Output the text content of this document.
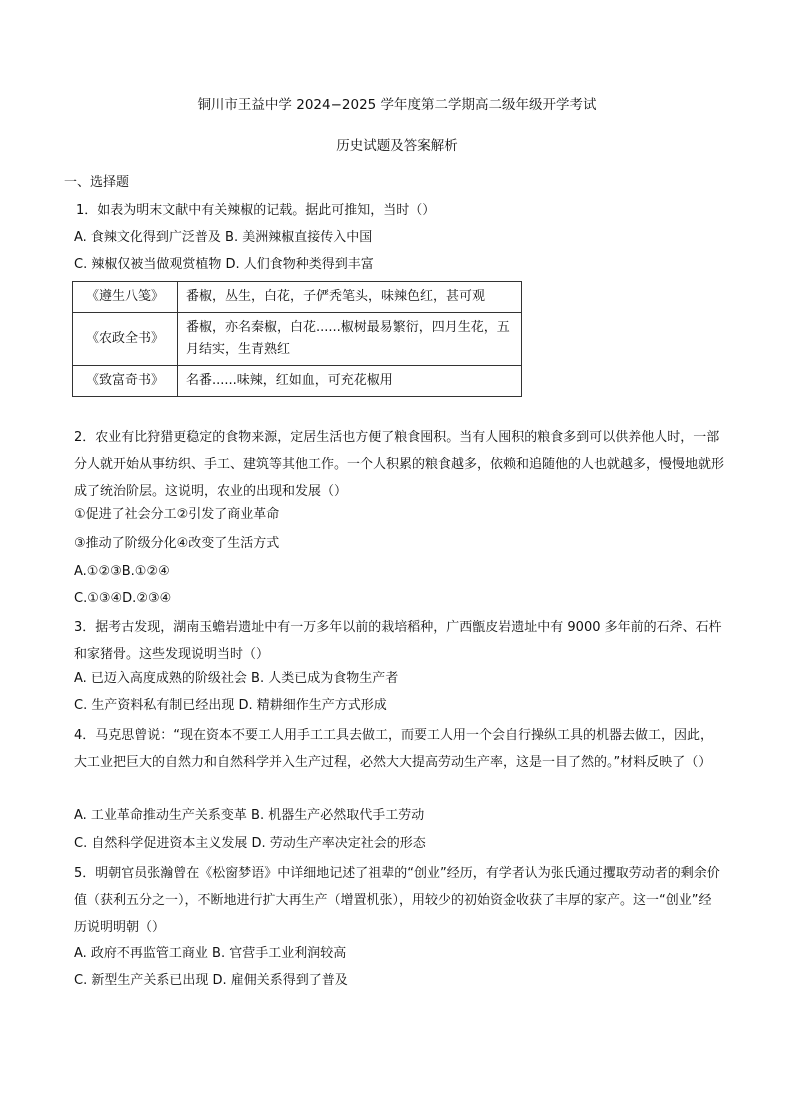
铜川市王益中学 2024−2025 学年度第二学期高二级年级开学考试
历史试题及答案解析
一、选择题
1．如表为明末文献中有关辣椒的记载。据此可推知，当时（）
A. 食辣文化得到广泛普及 B. 美洲辣椒直接传入中国
C. 辣椒仅被当做观赏植物 D. 人们食物种类得到丰富
《遵生八笺》	番椒，丛生，白花，子俨秃笔头，味辣色红，甚可观
《农政全书》	番椒，亦名秦椒，白花......椒树最易繁衍，四月生花，五月结实，生青熟红
《致富奇书》	名番......味辣，红如血，可充花椒用
2．农业有比狩猎更稳定的食物来源，定居生活也方便了粮食囤积。当有人囤积的粮食多到可以供养他人时，一部分人就开始从事纺织、手工、建筑等其他工作。一个人积累的粮食越多，依赖和追随他的人也就越多，慢慢地就形成了统治阶层。这说明，农业的出现和发展（）
①促进了社会分工②引发了商业革命
③推动了阶级分化④改变了生活方式
A.①②③B.①②④
C.①③④D.②③④
3．据考古发现，湖南玉蟾岩遗址中有一万多年以前的栽培稻种，广西甑皮岩遗址中有 9000 多年前的石斧、石杵和家猪骨。这些发现说明当时（）
A. 已迈入高度成熟的阶级社会 B. 人类已成为食物生产者
C. 生产资料私有制已经出现 D. 精耕细作生产方式形成
4．马克思曾说：“现在资本不要工人用手工工具去做工，而要工人用一个会自行操纵工具的机器去做工，因此，大工业把巨大的自然力和自然科学并入生产过程，必然大大提高劳动生产率，这是一目了然的。”材料反映了（）
A. 工业革命推动生产关系变革 B. 机器生产必然取代手工劳动
C. 自然科学促进资本主义发展 D. 劳动生产率决定社会的形态
5．明朝官员张瀚曾在《松窗梦语》中详细地记述了祖辈的“创业”经历，有学者认为张氏通过攫取劳动者的剩余价值（获利五分之一），不断地进行扩大再生产（增置机张），用较少的初始资金收获了丰厚的家产。这一“创业”经历说明明朝（）
A. 政府不再监管工商业 B. 官营手工业利润较高
C. 新型生产关系已出现 D. 雇佣关系得到了普及
